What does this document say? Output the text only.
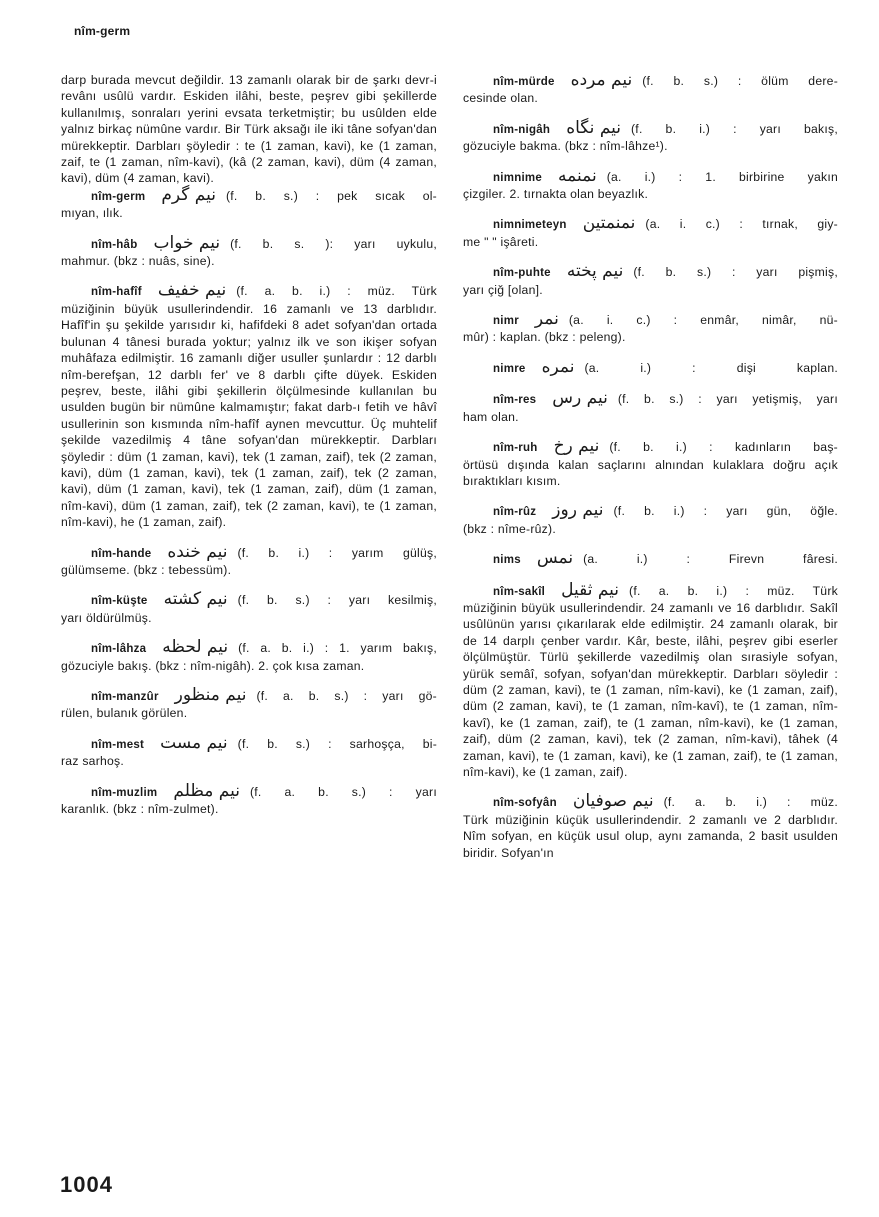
nîm-germ

darp burada mevcut değildir. 13 zamanlı olarak bir de şarkı devr-i revânı usûlü vardır. Eskiden ilâhi, beste, peşrev gibi şekillerde kullanılmış, sonraları yerini evsata terketmiştir; bu usûlden elde yalnız birkaç nümûne vardır. Bir Türk aksağı ile iki tâne sofyan'dan mürekkeptir. Darbları şöyledir : te (1 zaman, kavi), ke (1 zaman, zaif, te (1 zaman, nîm-kavi), (kâ (2 zaman, kavi), düm (4 zaman, kavi), düm (4 zaman, kavi).

nîm-germ نیم گرم (f. b. s.) : pek sıcak ol-

mıyan, ılık.

nîm-hâb نیم خواب (f. b. s. ): yarı uykulu,

mahmur. (bkz : nuâs, sine).

nîm-hafîf نیم خفیف (f. a. b. i.) : müz. Türk

müziğinin büyük usullerindendir. 16 zamanlı ve 13 darblıdır. Hafîf'in şu şekilde yarısıdır ki, hafifdeki 8 adet sofyan'dan ortada bulunan 4 tânesi burada yoktur; yalnız ilk ve son ikişer sofyan muhâfaza edilmiştir. 16 zamanlı diğer usuller şunlardır : 12 darblı nîm-berefşan, 12 darblı fer' ve 8 darblı çifte düyek. Eskiden peşrev, beste, ilâhi gibi şekillerin ölçülmesinde kullanılan bu usulden bugün bir nümûne kalmamıştır; fakat darb-ı fetih ve hâvî usullerinin son kısmında nîm-hafîf aynen mevcuttur. Üç muhtelif şekilde vazedilmiş 4 tâne sofyan'dan mürekkeptir. Darbları şöyledir : düm (1 zaman, kavi), tek (1 zaman, zaif), tek (2 zaman, kavi), düm (1 zaman, kavi), tek (1 zaman, zaif), tek (2 zaman, kavi), düm (1 zaman, kavi), tek (1 zaman, zaif), düm (1 zaman, nîm-kavi), düm (1 zaman, zaif), tek (2 zaman, kavi), te (1 zaman, nîm-kavi), he (1 zaman, zaif).

nîm-hande نیم خنده (f. b. i.) : yarım gülüş,

gülümseme. (bkz : tebessüm).

nîm-küşte نیم کشته (f. b. s.) : yarı kesilmiş,

yarı öldürülmüş.

nîm-lâhza نیم لحظه (f. a. b. i.) : 1. yarım bakış,

gözuciyle bakış. (bkz : nîm-nigâh). 2. çok kısa zaman.

nîm-manzûr نیم منظور (f. a. b. s.) : yarı gö-

rülen, bulanık görülen.

nîm-mest نیم مست (f. b. s.) : sarhoşça, bi-

raz sarhoş.

nîm-muzlim نیم مظلم (f. a. b. s.) : yarı

karanlık. (bkz : nîm-zulmet).

nîm-mürde نیم مرده (f. b. s.) : ölüm dere-

cesinde olan.

nîm-nigâh نیم نگاه (f. b. i.) : yarı bakış,

gözuciyle bakma. (bkz : nîm-lâhze¹).

nimnime نمنمه (a. i.) : 1. birbirine yakın

çizgiler. 2. tırnakta olan beyazlık.

nimnimeteyn نمنمتین (a. i. c.) : tırnak, giy-

me " " işâreti.

nîm-puhte نیم پخته (f. b. s.) : yarı pişmiş,

yarı çiğ [olan].

nimr نمر (a. i. c.) : enmâr, nimâr, nü-

mûr) : kaplan. (bkz : peleng).

nimre نمره (a. i.) : dişi kaplan.
nîm-res نیم رس (f. b. s.) : yarı yetişmiş, yarı

ham olan.

nîm-ruh نیم رخ (f. b. i.) : kadınların baş-

örtüsü dışında kalan saçlarını alnından kulaklara doğru açık bıraktıkları kısım.

nîm-rûz نیم روز (f. b. i.) : yarı gün, öğle.

(bkz : nîme-rûz).

nims نمس (a. i.) : Firevn fâresi.
nîm-sakîl نیم ثقیل (f. a. b. i.) : müz. Türk

müziğinin büyük usullerindendir. 24 zamanlı ve 16 darblıdır. Sakîl usûlünün yarısı çıkarılarak elde edilmiştir. 24 zamanlı olarak, bir de 14 darplı çenber vardır. Kâr, beste, ilâhi, peşrev gibi eserler ölçülmüştür. Türlü şekillerde vazedilmiş olan sırasiyle sofyan, yürük semâî, sofyan, sofyan'dan mürekkeptir. Darbları söyledir : düm (2 zaman, kavi), te (1 zaman, nîm-kavi), ke (1 zaman, zaif), düm (2 zaman, kavi), te (1 zaman, nîm-kavî), te (1 zaman, nîm-kavî), ke (1 zaman, zaif), te (1 zaman, nîm-kavi), ke (1 zaman, zaif), düm (2 zaman, kavi), tek (2 zaman, nîm-kavi), tâhek (4 zaman, kavi), te (1 zaman, kavi), ke (1 zaman, zaif), te (1 zaman, nîm-kavi), ke (1 zaman, zaif).

nîm-sofyân نیم صوفیان (f. a. b. i.) : müz.

Türk müziğinin küçük usullerindendir. 2 zamanlı ve 2 darblıdır. Nîm sofyan, en küçük usul olup, aynı zamanda, 2 basit usulden biridir. Sofyan'ın

1004
